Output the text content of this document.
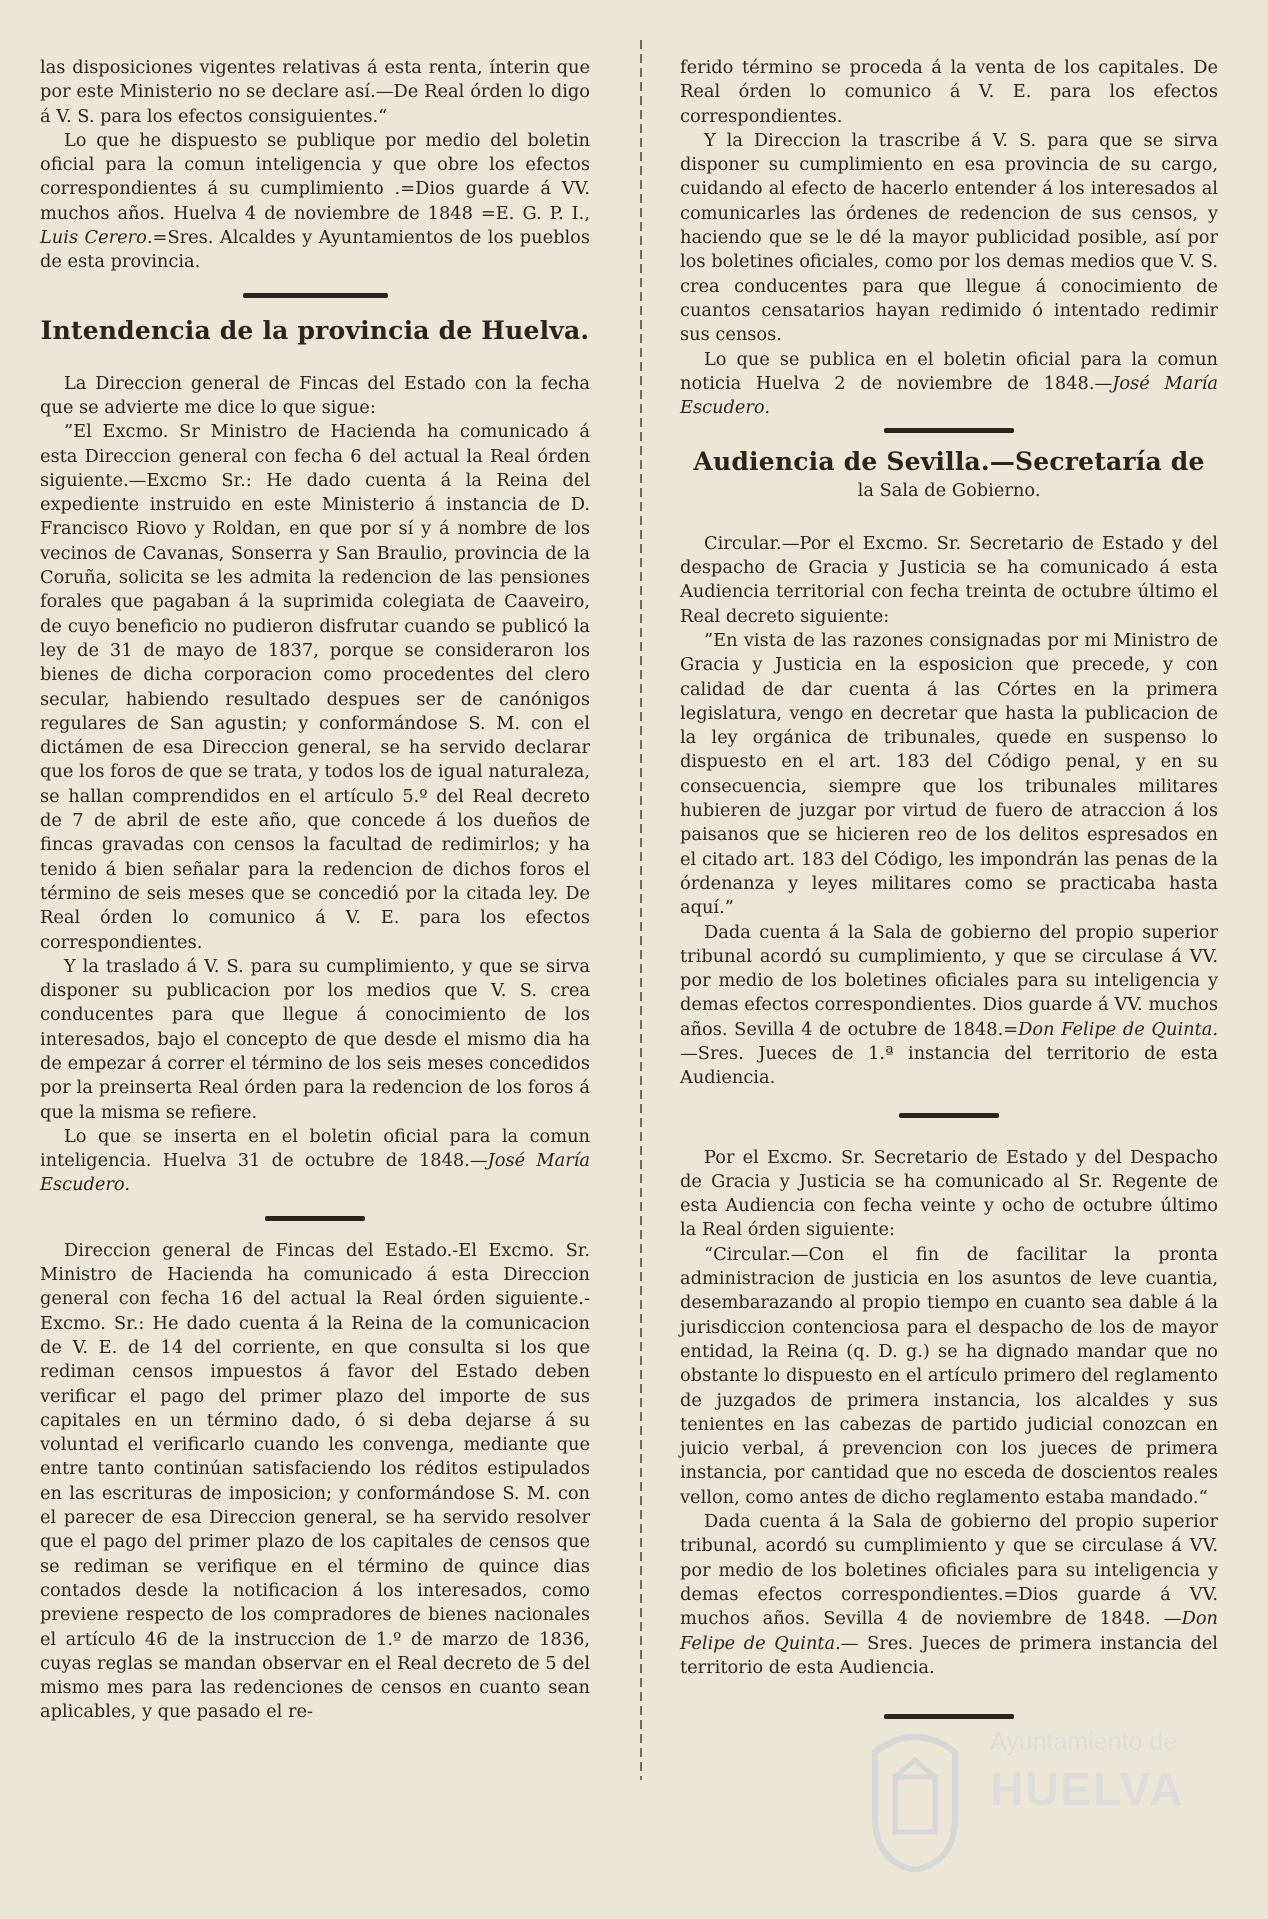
las disposiciones vigentes relativas á esta renta, ínterin que por este Ministerio no se declare así.—De Real órden lo digo á V. S. para los efectos consiguientes.“

Lo que he dispuesto se publique por medio del boletin oficial para la comun inteligencia y que obre los efectos correspondientes á su cumplimiento .=Dios guarde á VV. muchos años. Huelva 4 de noviembre de 1848 =E. G. P. I., Luis Cerero.=Sres. Alcaldes y Ayuntamientos de los pueblos de esta provincia.

Intendencia de la provincia de Huelva.

La Direccion general de Fincas del Estado con la fecha que se advierte me dice lo que sigue:

”El Excmo. Sr Ministro de Hacienda ha comunicado á esta Direccion general con fecha 6 del actual la Real órden siguiente.—Excmo Sr.: He dado cuenta á la Reina del expediente instruido en este Ministerio á instancia de D. Francisco Riovo y Roldan, en que por sí y á nombre de los vecinos de Cavanas, Sonserra y San Braulio, provincia de la Coruña, solicita se les admita la redencion de las pensiones forales que pagaban á la suprimida colegiata de Caaveiro, de cuyo beneficio no pudieron disfrutar cuando se publicó la ley de 31 de mayo de 1837, porque se consideraron los bienes de dicha corporacion como procedentes del clero secular, habiendo resultado despues ser de canónigos regulares de San agustin; y conformándose S. M. con el dictámen de esa Direccion general, se ha servido declarar que los foros de que se trata, y todos los de igual naturaleza, se hallan comprendidos en el artículo 5.º del Real decreto de 7 de abril de este año, que concede á los dueños de fincas gravadas con censos la facultad de redimirlos; y ha tenido á bien señalar para la redencion de dichos foros el término de seis meses que se concedió por la citada ley. De Real órden lo comunico á V. E. para los efectos correspondientes.

Y la traslado á V. S. para su cumplimiento, y que se sirva disponer su publicacion por los medios que V. S. crea conducentes para que llegue á conocimiento de los interesados, bajo el concepto de que desde el mismo dia ha de empezar á correr el término de los seis meses concedidos por la preinserta Real órden para la redencion de los foros á que la misma se refiere.

Lo que se inserta en el boletin oficial para la comun inteligencia. Huelva 31 de octubre de 1848.—José María Escudero.

Direccion general de Fincas del Estado.-El Excmo. Sr. Ministro de Hacienda ha comunicado á esta Direccion general con fecha 16 del actual la Real órden siguiente.-Excmo. Sr.: He dado cuenta á la Reina de la comunicacion de V. E. de 14 del corriente, en que consulta si los que rediman censos impuestos á favor del Estado deben verificar el pago del primer plazo del importe de sus capitales en un término dado, ó si deba dejarse á su voluntad el verificarlo cuando les convenga, mediante que entre tanto continúan satisfaciendo los réditos estipulados en las escrituras de imposicion; y conformándose S. M. con el parecer de esa Direccion general, se ha servido resolver que el pago del primer plazo de los capitales de censos que se rediman se verifique en el término de quince dias contados desde la notificacion á los interesados, como previene respecto de los compradores de bienes nacionales el artículo 46 de la instruccion de 1.º de marzo de 1836, cuyas reglas se mandan observar en el Real decreto de 5 del mismo mes para las redenciones de censos en cuanto sean aplicables, y que pasado el re-

ferido término se proceda á la venta de los capitales. De Real órden lo comunico á V. E. para los efectos correspondientes.

Y la Direccion la trascribe á V. S. para que se sirva disponer su cumplimiento en esa provincia de su cargo, cuidando al efecto de hacerlo entender á los interesados al comunicarles las órdenes de redencion de sus censos, y haciendo que se le dé la mayor publicidad posible, así por los boletines oficiales, como por los demas medios que V. S. crea conducentes para que llegue á conocimiento de cuantos censatarios hayan redimido ó intentado redimir sus censos.

Lo que se publica en el boletin oficial para la comun noticia Huelva 2 de noviembre de 1848.—José María Escudero.

Audiencia de Sevilla.—Secretaría de
la Sala de Gobierno.

Circular.—Por el Excmo. Sr. Secretario de Estado y del despacho de Gracia y Justicia se ha comunicado á esta Audiencia territorial con fecha treinta de octubre último el Real decreto siguiente:

”En vista de las razones consignadas por mi Ministro de Gracia y Justicia en la esposicion que precede, y con calidad de dar cuenta á las Córtes en la primera legislatura, vengo en decretar que hasta la publicacion de la ley orgánica de tribunales, quede en suspenso lo dispuesto en el art. 183 del Código penal, y en su consecuencia, siempre que los tribunales militares hubieren de juzgar por virtud de fuero de atraccion á los paisanos que se hicieren reo de los delitos espresados en el citado art. 183 del Código, les impondrán las penas de la órdenanza y leyes militares como se practicaba hasta aquí.”

Dada cuenta á la Sala de gobierno del propio superior tribunal acordó su cumplimiento, y que se circulase á VV. por medio de los boletines oficiales para su inteligencia y demas efectos correspondientes. Dios guarde á VV. muchos años. Sevilla 4 de octubre de 1848.=Don Felipe de Quinta.—Sres. Jueces de 1.ª instancia del territorio de esta Audiencia.

Por el Excmo. Sr. Secretario de Estado y del Despacho de Gracia y Justicia se ha comunicado al Sr. Regente de esta Audiencia con fecha veinte y ocho de octubre último la Real órden siguiente:

“Circular.—Con el fin de facilitar la pronta administracion de justicia en los asuntos de leve cuantia, desembarazando al propio tiempo en cuanto sea dable á la jurisdiccion contenciosa para el despacho de los de mayor entidad, la Reina (q. D. g.) se ha dignado mandar que no obstante lo dispuesto en el artículo primero del reglamento de juzgados de primera instancia, los alcaldes y sus tenientes en las cabezas de partido judicial conozcan en juicio verbal, á prevencion con los jueces de primera instancia, por cantidad que no esceda de doscientos reales vellon, como antes de dicho reglamento estaba mandado.“

Dada cuenta á la Sala de gobierno del propio superior tribunal, acordó su cumplimiento y que se circulase á VV. por medio de los boletines oficiales para su inteligencia y demas efectos correspondientes.=Dios guarde á VV. muchos años. Sevilla 4 de noviembre de 1848. —Don Felipe de Quinta.— Sres. Jueces de primera instancia del territorio de esta Audiencia.

Ayuntamiento de
HUELVA
